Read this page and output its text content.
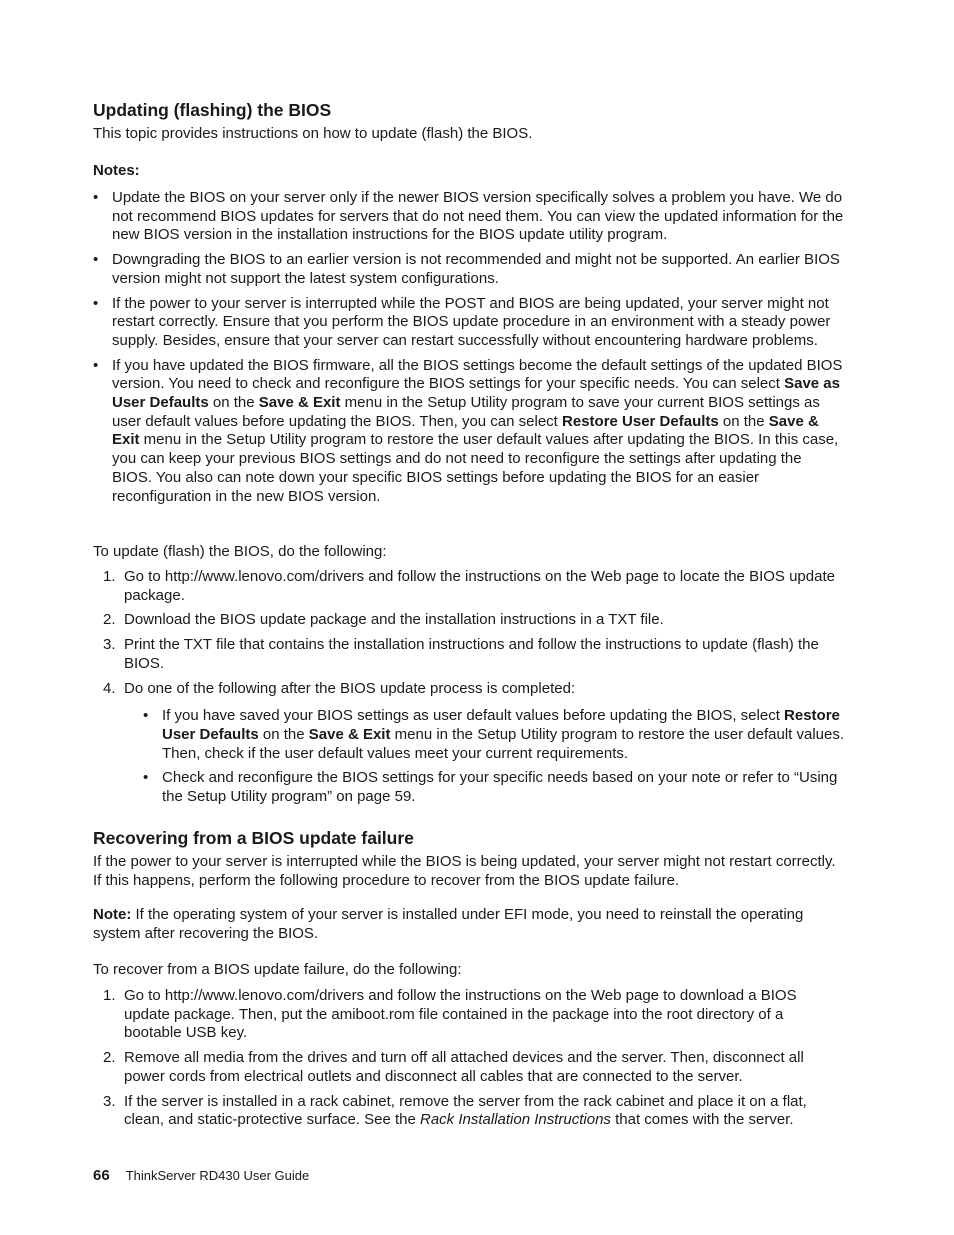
Updating (flashing) the BIOS

This topic provides instructions on how to update (flash) the BIOS.

Notes:

• Update the BIOS on your server only if the newer BIOS version specifically solves a problem you have. We do not recommend BIOS updates for servers that do not need them. You can view the updated information for the new BIOS version in the installation instructions for the BIOS update utility program.
• Downgrading the BIOS to an earlier version is not recommended and might not be supported. An earlier BIOS version might not support the latest system configurations.
• If the power to your server is interrupted while the POST and BIOS are being updated, your server might not restart correctly. Ensure that you perform the BIOS update procedure in an environment with a steady power supply. Besides, ensure that your server can restart successfully without encountering hardware problems.
• If you have updated the BIOS firmware, all the BIOS settings become the default settings of the updated BIOS version. You need to check and reconfigure the BIOS settings for your specific needs. You can select Save as User Defaults on the Save & Exit menu in the Setup Utility program to save your current BIOS settings as user default values before updating the BIOS. Then, you can select Restore User Defaults on the Save & Exit menu in the Setup Utility program to restore the user default values after updating the BIOS. In this case, you can keep your previous BIOS settings and do not need to reconfigure the settings after updating the BIOS. You also can note down your specific BIOS settings before updating the BIOS for an easier reconfiguration in the new BIOS version.

To update (flash) the BIOS, do the following:

1. Go to http://www.lenovo.com/drivers and follow the instructions on the Web page to locate the BIOS update package.
2. Download the BIOS update package and the installation instructions in a TXT file.
3. Print the TXT file that contains the installation instructions and follow the instructions to update (flash) the BIOS.
4. Do one of the following after the BIOS update process is completed:
• If you have saved your BIOS settings as user default values before updating the BIOS, select Restore User Defaults on the Save & Exit menu in the Setup Utility program to restore the user default values. Then, check if the user default values meet your current requirements.
• Check and reconfigure the BIOS settings for your specific needs based on your note or refer to “Using the Setup Utility program” on page 59.
Recovering from a BIOS update failure

If the power to your server is interrupted while the BIOS is being updated, your server might not restart correctly. If this happens, perform the following procedure to recover from the BIOS update failure.

Note: If the operating system of your server is installed under EFI mode, you need to reinstall the operating system after recovering the BIOS.

To recover from a BIOS update failure, do the following:

1. Go to http://www.lenovo.com/drivers and follow the instructions on the Web page to download a BIOS update package. Then, put the amiboot.rom file contained in the package into the root directory of a bootable USB key.
2. Remove all media from the drives and turn off all attached devices and the server. Then, disconnect all power cords from electrical outlets and disconnect all cables that are connected to the server.
3. If the server is installed in a rack cabinet, remove the server from the rack cabinet and place it on a flat, clean, and static-protective surface. See the Rack Installation Instructions that comes with the server.
66 ThinkServer RD430 User Guide
